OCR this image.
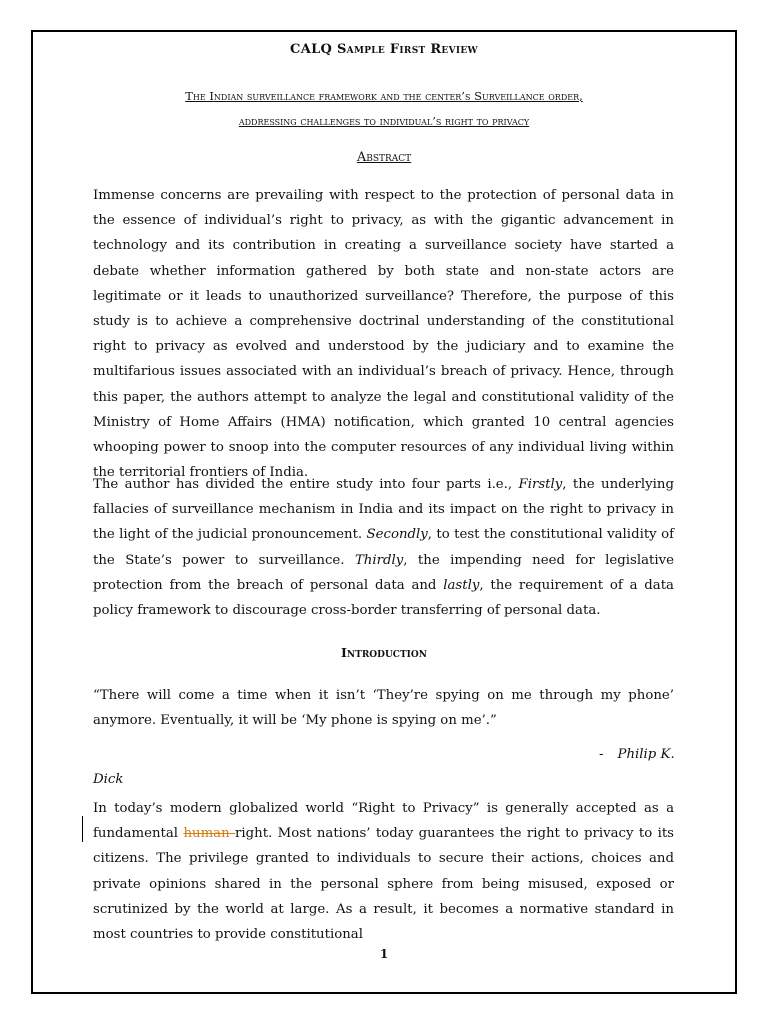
CALQ Sample First Review
The Indian surveillance framework and the center’s Surveillance order,
addressing challenges to individual’s right to privacy
Abstract

Immense concerns are prevailing with respect to the protection of personal data in the essence of individual’s right to privacy, as with the gigantic advancement in technology and its contribution in creating a surveillance society have started a debate whether information gathered by both state and non-state actors are legitimate or it leads to unauthorized surveillance? Therefore, the purpose of this study is to achieve a comprehensive doctrinal understanding of the constitutional right to privacy as evolved and understood by the judiciary and to examine the multifarious issues associated with an individual’s breach of privacy. Hence, through this paper, the authors attempt to analyze the legal and constitutional validity of the Ministry of Home Affairs (HMA) notification, which granted 10 central agencies whooping power to snoop into the computer resources of any individual living within the territorial frontiers of India.

The author has divided the entire study into four parts i.e., Firstly, the underlying fallacies of surveillance mechanism in India and its impact on the right to privacy in the light of the judicial pronouncement. Secondly, to test the constitutional validity of the State’s power to surveillance. Thirdly, the impending need for legislative protection from the breach of personal data and lastly, the requirement of a data policy framework to discourage cross-border transferring of personal data.

Introduction

“There will come a time when it isn’t ‘They’re spying on me through my phone’ anymore. Eventually, it will be ‘My phone is spying on me’.”

- Philip K.
Dick

In today’s modern globalized world “Right to Privacy” is generally accepted as a fundamental human right. Most nations’ today guarantees the right to privacy to its citizens. The privilege granted to individuals to secure their actions, choices and private opinions shared in the personal sphere from being misused, exposed or scrutinized by the world at large. As a result, it becomes a normative standard in most countries to provide constitutional

1
